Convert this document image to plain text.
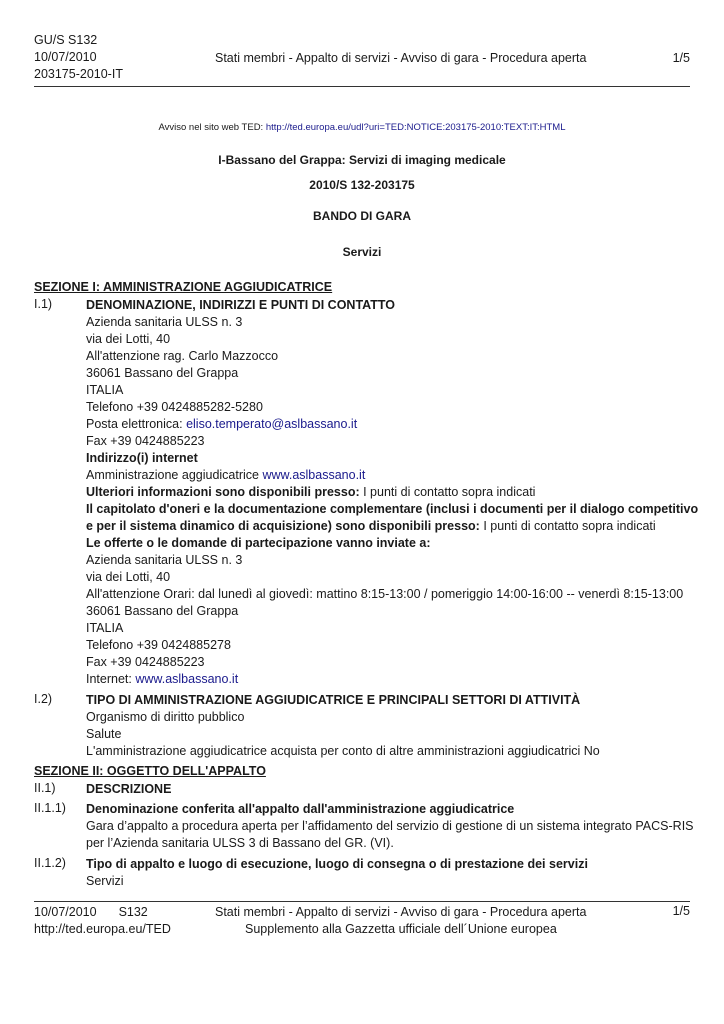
GU/S S132
10/07/2010
203175-2010-IT
Stati membri - Appalto di servizi - Avviso di gara - Procedura aperta	1/5
Avviso nel sito web TED: http://ted.europa.eu/udl?uri=TED:NOTICE:203175-2010:TEXT:IT:HTML
I-Bassano del Grappa: Servizi di imaging medicale
2010/S 132-203175
BANDO DI GARA
Servizi
SEZIONE I: AMMINISTRAZIONE AGGIUDICATRICE
I.1)	DENOMINAZIONE, INDIRIZZI E PUNTI DI CONTATTO
Azienda sanitaria ULSS n. 3
via dei Lotti, 40
All'attenzione rag. Carlo Mazzocco
36061 Bassano del Grappa
ITALIA
Telefono +39 0424885282-5280
Posta elettronica: eliso.temperato@aslbassano.it
Fax +39 0424885223
Indirizzo(i) internet
Amministrazione aggiudicatrice www.aslbassano.it
Ulteriori informazioni sono disponibili presso: I punti di contatto sopra indicati
Il capitolato d'oneri e la documentazione complementare (inclusi i documenti per il dialogo competitivo
e per il sistema dinamico di acquisizione) sono disponibili presso: I punti di contatto sopra indicati
Le offerte o le domande di partecipazione vanno inviate a:
Azienda sanitaria ULSS n. 3
via dei Lotti, 40
All'attenzione Orari: dal lunedì al giovedì: mattino 8:15-13:00 / pomeriggio 14:00-16:00 -- venerdì 8:15-13:00
36061 Bassano del Grappa
ITALIA
Telefono +39 0424885278
Fax +39 0424885223
Internet: www.aslbassano.it
I.2)	TIPO DI AMMINISTRAZIONE AGGIUDICATRICE E PRINCIPALI SETTORI DI ATTIVITÀ
Organismo di diritto pubblico
Salute
L'amministrazione aggiudicatrice acquista per conto di altre amministrazioni aggiudicatrici No
SEZIONE II: OGGETTO DELL'APPALTO
II.1) DESCRIZIONE
II.1.1) Denominazione conferita all'appalto dall'amministrazione aggiudicatrice
Gara d’appalto a procedura aperta per l’affidamento del servizio di gestione di un sistema integrato PACS-RIS
per l’Azienda sanitaria ULSS 3 di Bassano del GR. (VI).
II.1.2) Tipo di appalto e luogo di esecuzione, luogo di consegna o di prestazione dei servizi
Servizi
10/07/2010 S132
http://ted.europa.eu/TED
Stati membri - Appalto di servizi - Avviso di gara - Procedura aperta
Supplemento alla Gazzetta ufficiale dell´Unione europea
1/5
